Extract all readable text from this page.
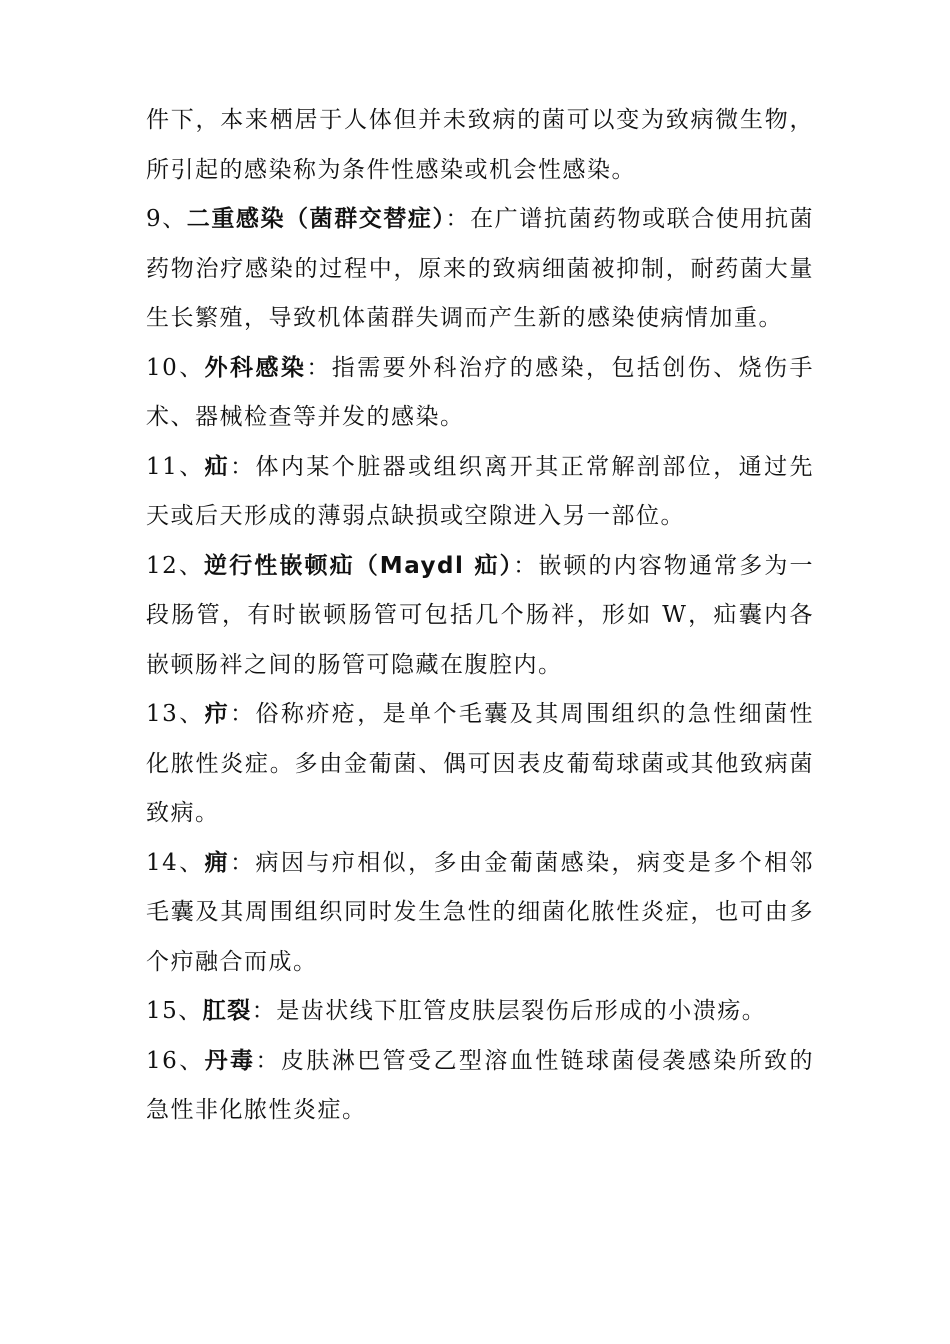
件下，本来栖居于人体但并未致病的菌可以变为致病微生物，所引起的感染称为条件性感染或机会性感染。

9、二重感染（菌群交替症）：在广谱抗菌药物或联合使用抗菌药物治疗感染的过程中，原来的致病细菌被抑制，耐药菌大量生长繁殖，导致机体菌群失调而产生新的感染使病情加重。

10、外科感染：指需要外科治疗的感染，包括创伤、烧伤手术、器械检查等并发的感染。

11、疝：体内某个脏器或组织离开其正常解剖部位，通过先天或后天形成的薄弱点缺损或空隙进入另一部位。

12、逆行性嵌顿疝（Maydl 疝）：嵌顿的内容物通常多为一段肠管，有时嵌顿肠管可包括几个肠袢，形如 W，疝囊内各嵌顿肠袢之间的肠管可隐藏在腹腔内。

13、疖：俗称疥疮，是单个毛囊及其周围组织的急性细菌性化脓性炎症。多由金葡菌、偶可因表皮葡萄球菌或其他致病菌致病。

14、痈：病因与疖相似，多由金葡菌感染，病变是多个相邻毛囊及其周围组织同时发生急性的细菌化脓性炎症，也可由多个疖融合而成。

15、肛裂：是齿状线下肛管皮肤层裂伤后形成的小溃疡。

16、丹毒：皮肤淋巴管受乙型溶血性链球菌侵袭感染所致的急性非化脓性炎症。
